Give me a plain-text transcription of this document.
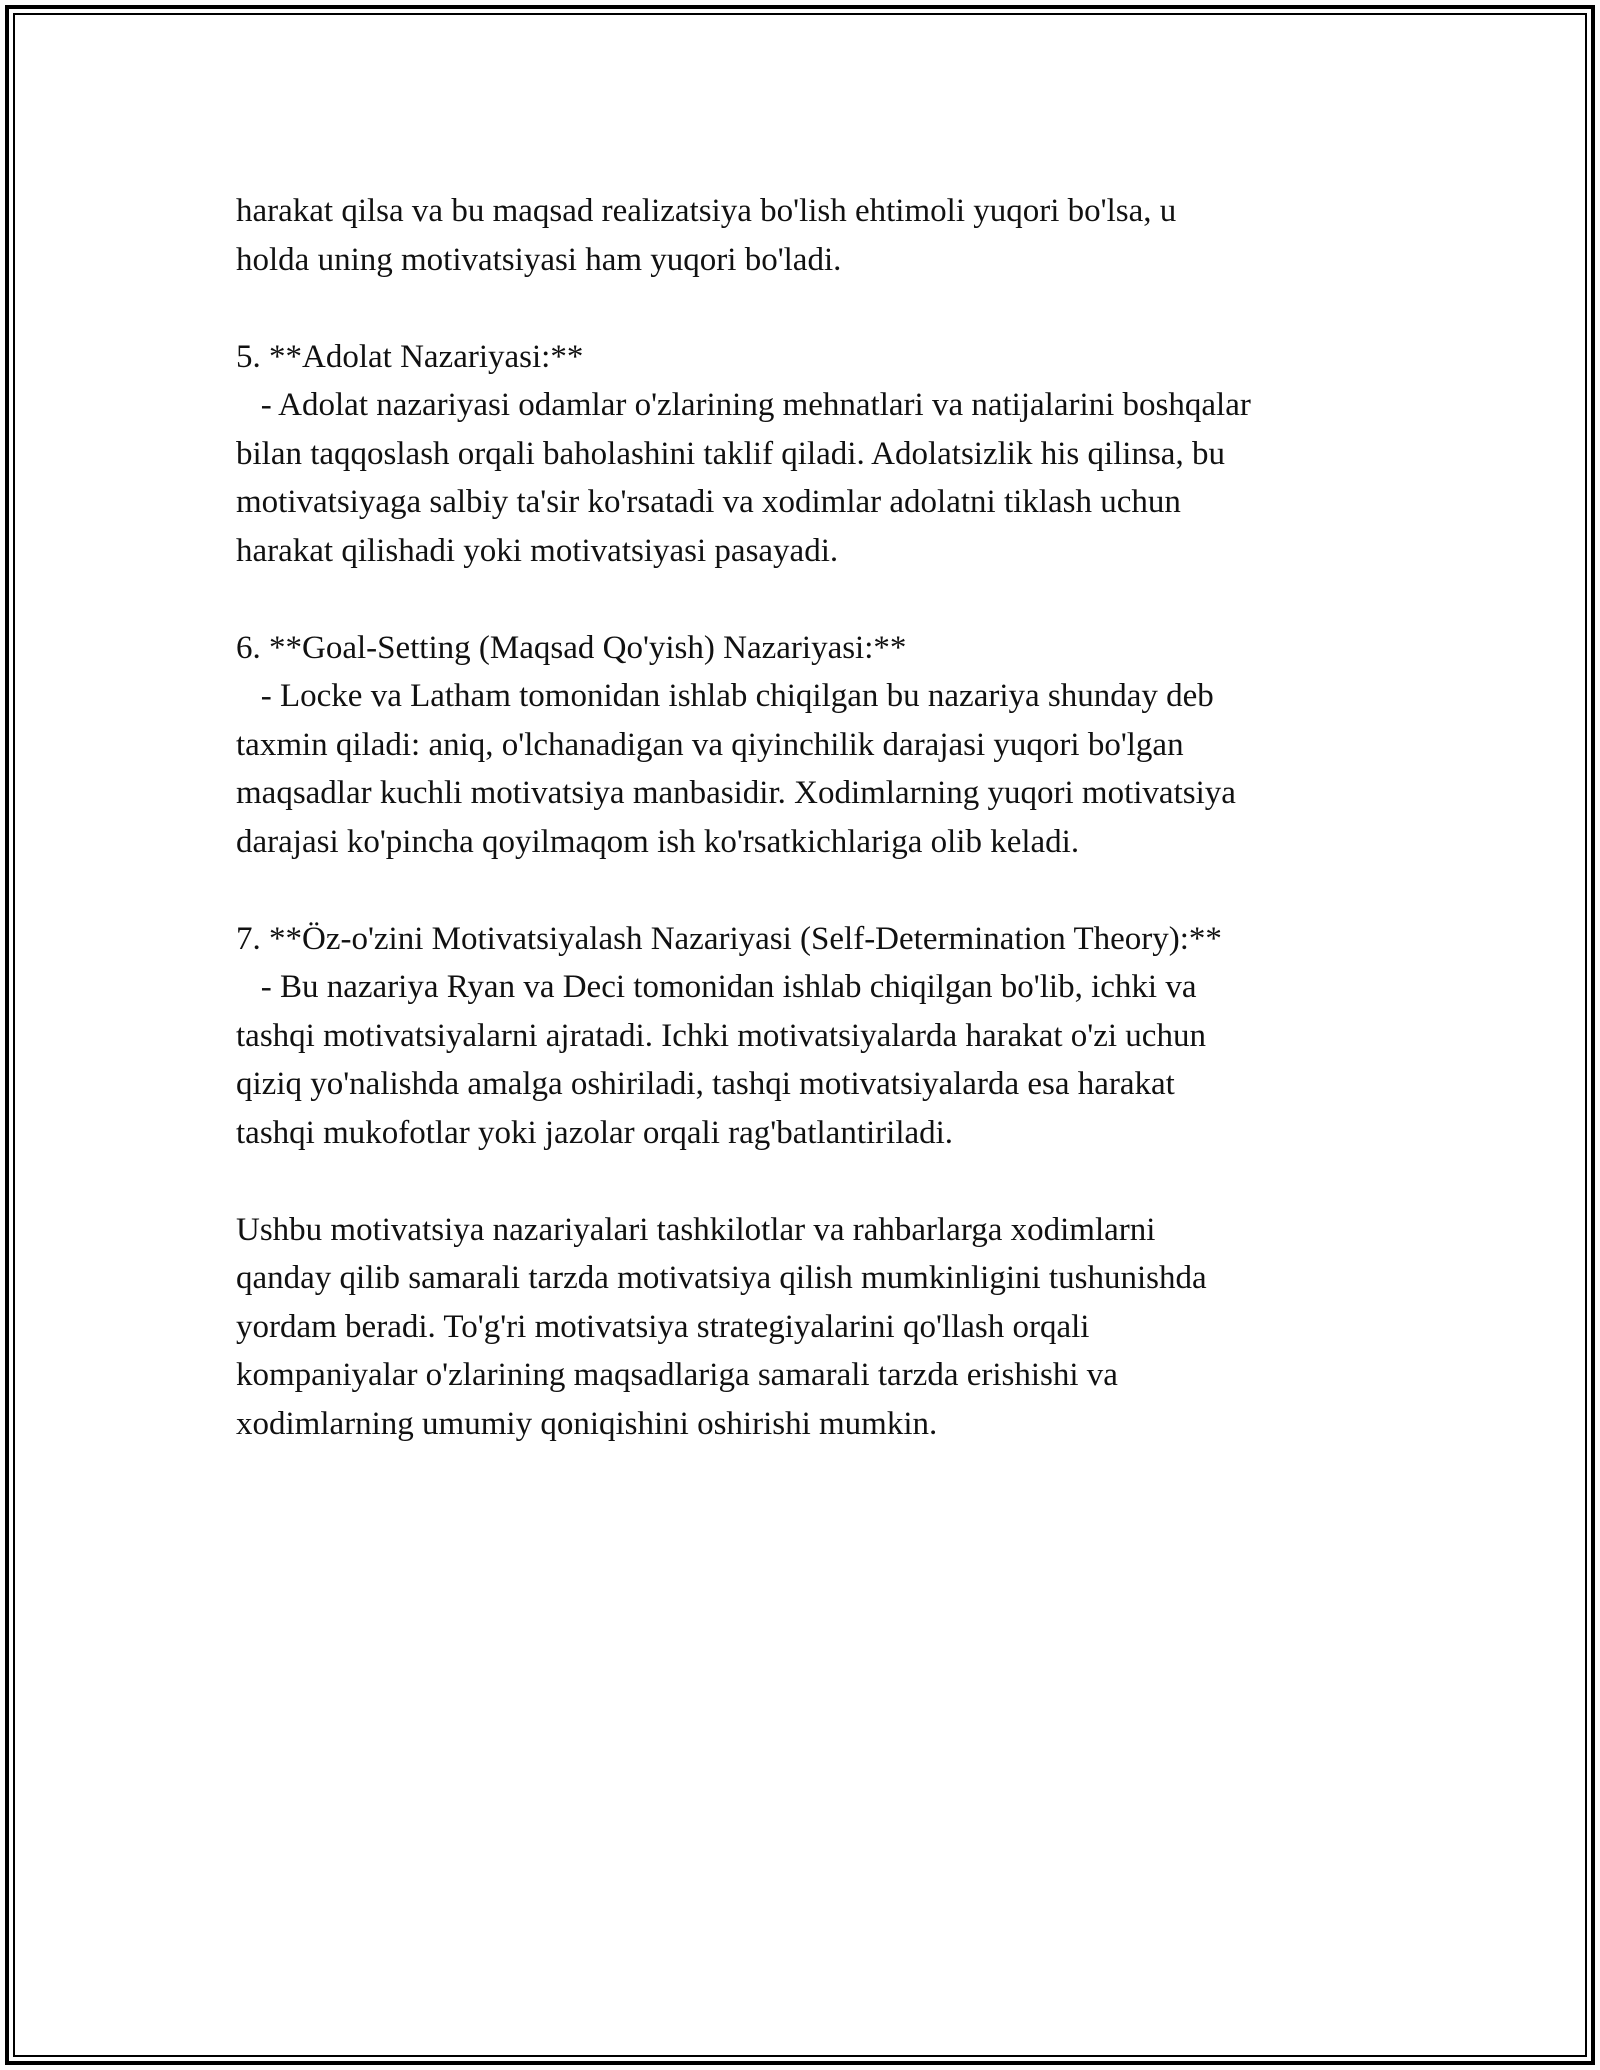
harakat qilsa va bu maqsad realizatsiya bo'lish ehtimoli yuqori bo'lsa, u
holda uning motivatsiyasi ham yuqori bo'ladi.
5. **Adolat Nazariyasi:**
- Adolat nazariyasi odamlar o'zlarining mehnatlari va natijalarini boshqalar
bilan taqqoslash orqali baholashini taklif qiladi. Adolatsizlik his qilinsa, bu
motivatsiyaga salbiy ta'sir ko'rsatadi va xodimlar adolatni tiklash uchun
harakat qilishadi yoki motivatsiyasi pasayadi.
6. **Goal-Setting (Maqsad Qo'yish) Nazariyasi:**
- Locke va Latham tomonidan ishlab chiqilgan bu nazariya shunday deb
taxmin qiladi: aniq, o'lchanadigan va qiyinchilik darajasi yuqori bo'lgan
maqsadlar kuchli motivatsiya manbasidir. Xodimlarning yuqori motivatsiya
darajasi ko'pincha qoyilmaqom ish ko'rsatkichlariga olib keladi.
7. **Öz-o'zini Motivatsiyalash Nazariyasi (Self-Determination Theory):**
- Bu nazariya Ryan va Deci tomonidan ishlab chiqilgan bo'lib, ichki va
tashqi motivatsiyalarni ajratadi. Ichki motivatsiyalarda harakat o'zi uchun
qiziq yo'nalishda amalga oshiriladi, tashqi motivatsiyalarda esa harakat
tashqi mukofotlar yoki jazolar orqali rag'batlantiriladi.
Ushbu motivatsiya nazariyalari tashkilotlar va rahbarlarga xodimlarni
qanday qilib samarali tarzda motivatsiya qilish mumkinligini tushunishda
yordam beradi. To'g'ri motivatsiya strategiyalarini qo'llash orqali
kompaniyalar o'zlarining maqsadlariga samarali tarzda erishishi va
xodimlarning umumiy qoniqishini oshirishi mumkin.
